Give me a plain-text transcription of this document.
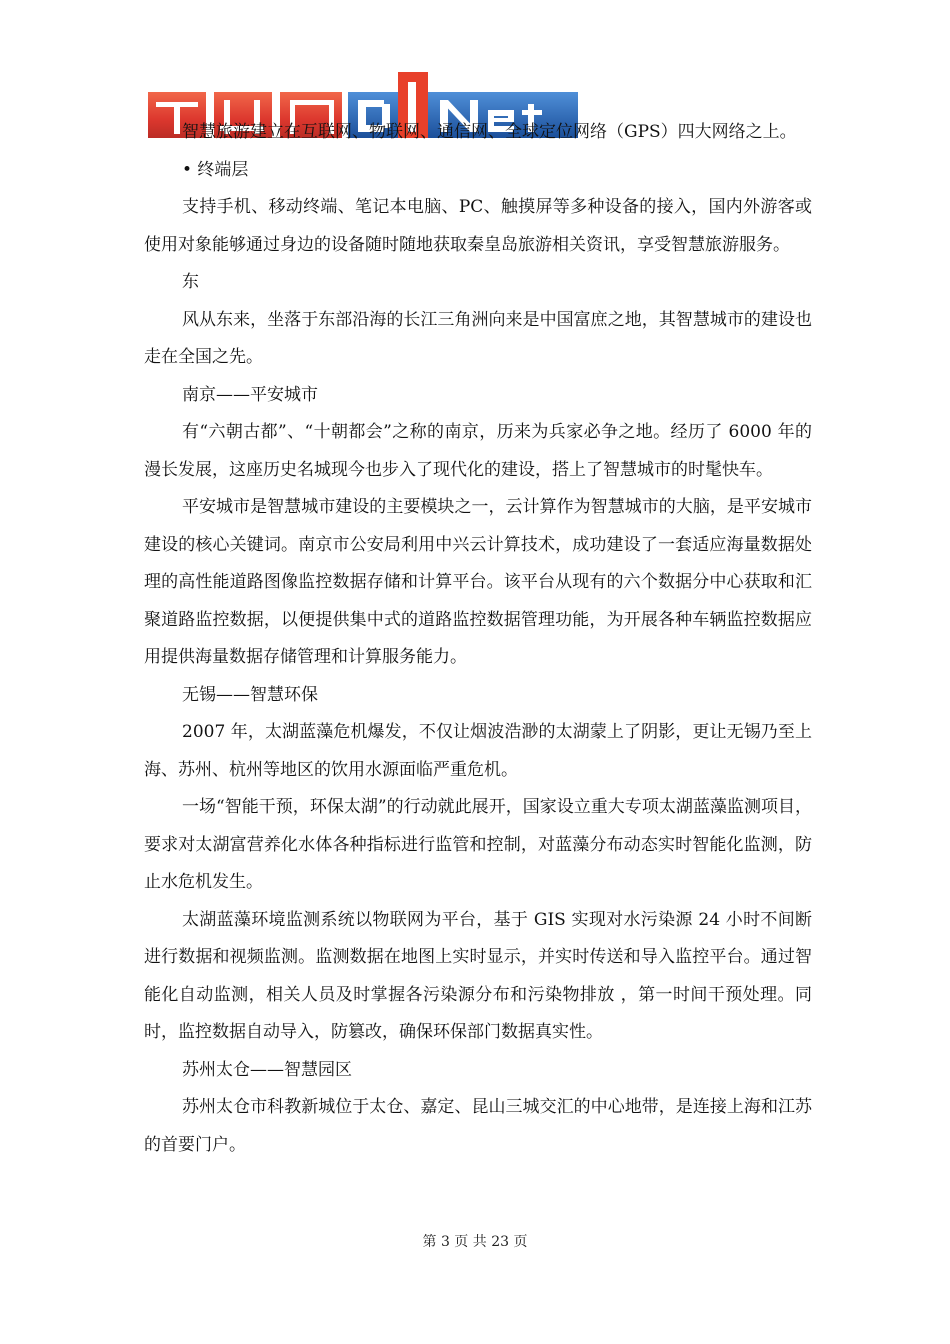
智慧旅游建立在互联网、物联网、通信网、全球定位网络（GPS）四大网络之上。

• 终端层

支持手机、移动终端、笔记本电脑、PC、触摸屏等多种设备的接入，国内外游客或使用对象能够通过身边的设备随时随地获取秦皇岛旅游相关资讯，享受智慧旅游服务。

东

风从东来，坐落于东部沿海的长江三角洲向来是中国富庶之地，其智慧城市的建设也走在全国之先。

南京——平安城市

有“六朝古都”、“十朝都会”之称的南京，历来为兵家必争之地。经历了 6000 年的漫长发展，这座历史名城现今也步入了现代化的建设，搭上了智慧城市的时髦快车。

平安城市是智慧城市建设的主要模块之一，云计算作为智慧城市的大脑，是平安城市建设的核心关键词。南京市公安局利用中兴云计算技术，成功建设了一套适应海量数据处理的高性能道路图像监控数据存储和计算平台。该平台从现有的六个数据分中心获取和汇聚道路监控数据，以便提供集中式的道路监控数据管理功能，为开展各种车辆监控数据应用提供海量数据存储管理和计算服务能力。

无锡——智慧环保

2007 年，太湖蓝藻危机爆发，不仅让烟波浩渺的太湖蒙上了阴影，更让无锡乃至上海、苏州、杭州等地区的饮用水源面临严重危机。

一场“智能干预，环保太湖”的行动就此展开，国家设立重大专项太湖蓝藻监测项目，要求对太湖富营养化水体各种指标进行监管和控制，对蓝藻分布动态实时智能化监测，防止水危机发生。

太湖蓝藻环境监测系统以物联网为平台，基于 GIS 实现对水污染源 24 小时不间断进行数据和视频监测。监测数据在地图上实时显示，并实时传送和导入监控平台。通过智能化自动监测，相关人员及时掌握各污染源分布和污染物排放 ，第一时间干预处理。同时，监控数据自动导入，防篡改，确保环保部门数据真实性。

苏州太仓——智慧园区

苏州太仓市科教新城位于太仓、嘉定、昆山三城交汇的中心地带，是连接上海和江苏的首要门户。

第 3 页 共 23 页
